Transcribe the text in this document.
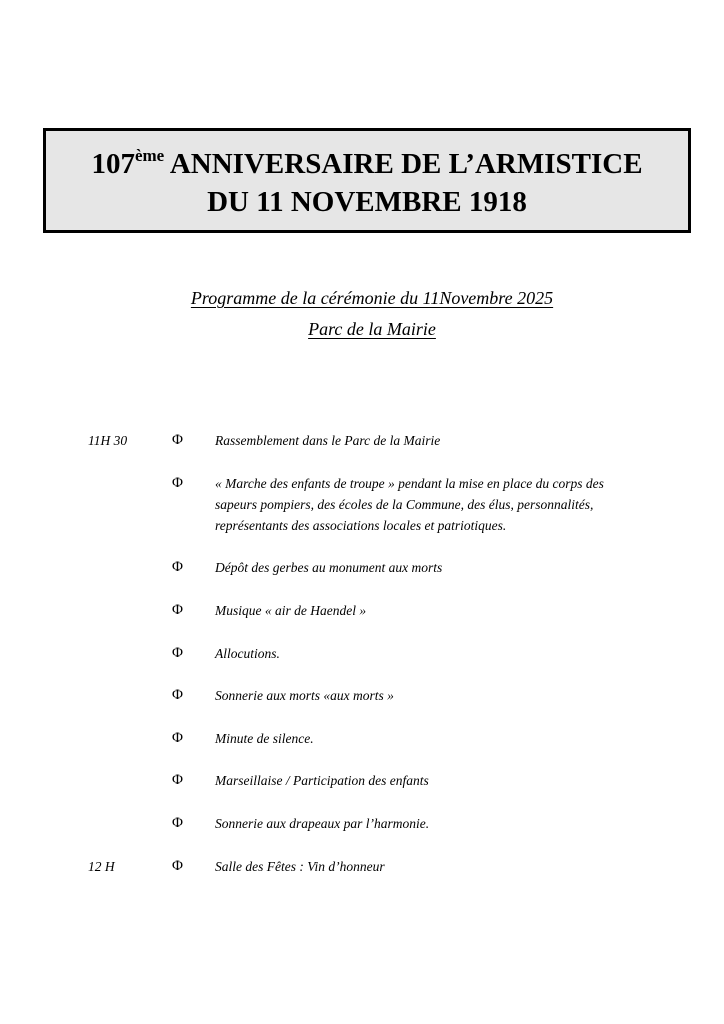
107ème ANNIVERSAIRE DE L’ARMISTICE
DU 11 NOVEMBRE 1918
Programme de la cérémonie du 11Novembre 2025
Parc de la Mairie
11H 30	Φ Rassemblement dans le Parc de la Mairie
Φ « Marche des enfants de troupe » pendant la mise en place du corps des sapeurs pompiers, des écoles de la Commune, des élus, personnalités, représentants des associations locales et patriotiques.
Φ Dépôt des gerbes au monument aux morts
Φ Musique « air de Haendel »
Φ Allocutions.
Φ Sonnerie aux morts «aux morts »
Φ Minute de silence.
Φ Marseillaise / Participation des enfants
Φ Sonnerie aux drapeaux par l’harmonie.
12 H	Φ Salle des Fêtes : Vin d’honneur
